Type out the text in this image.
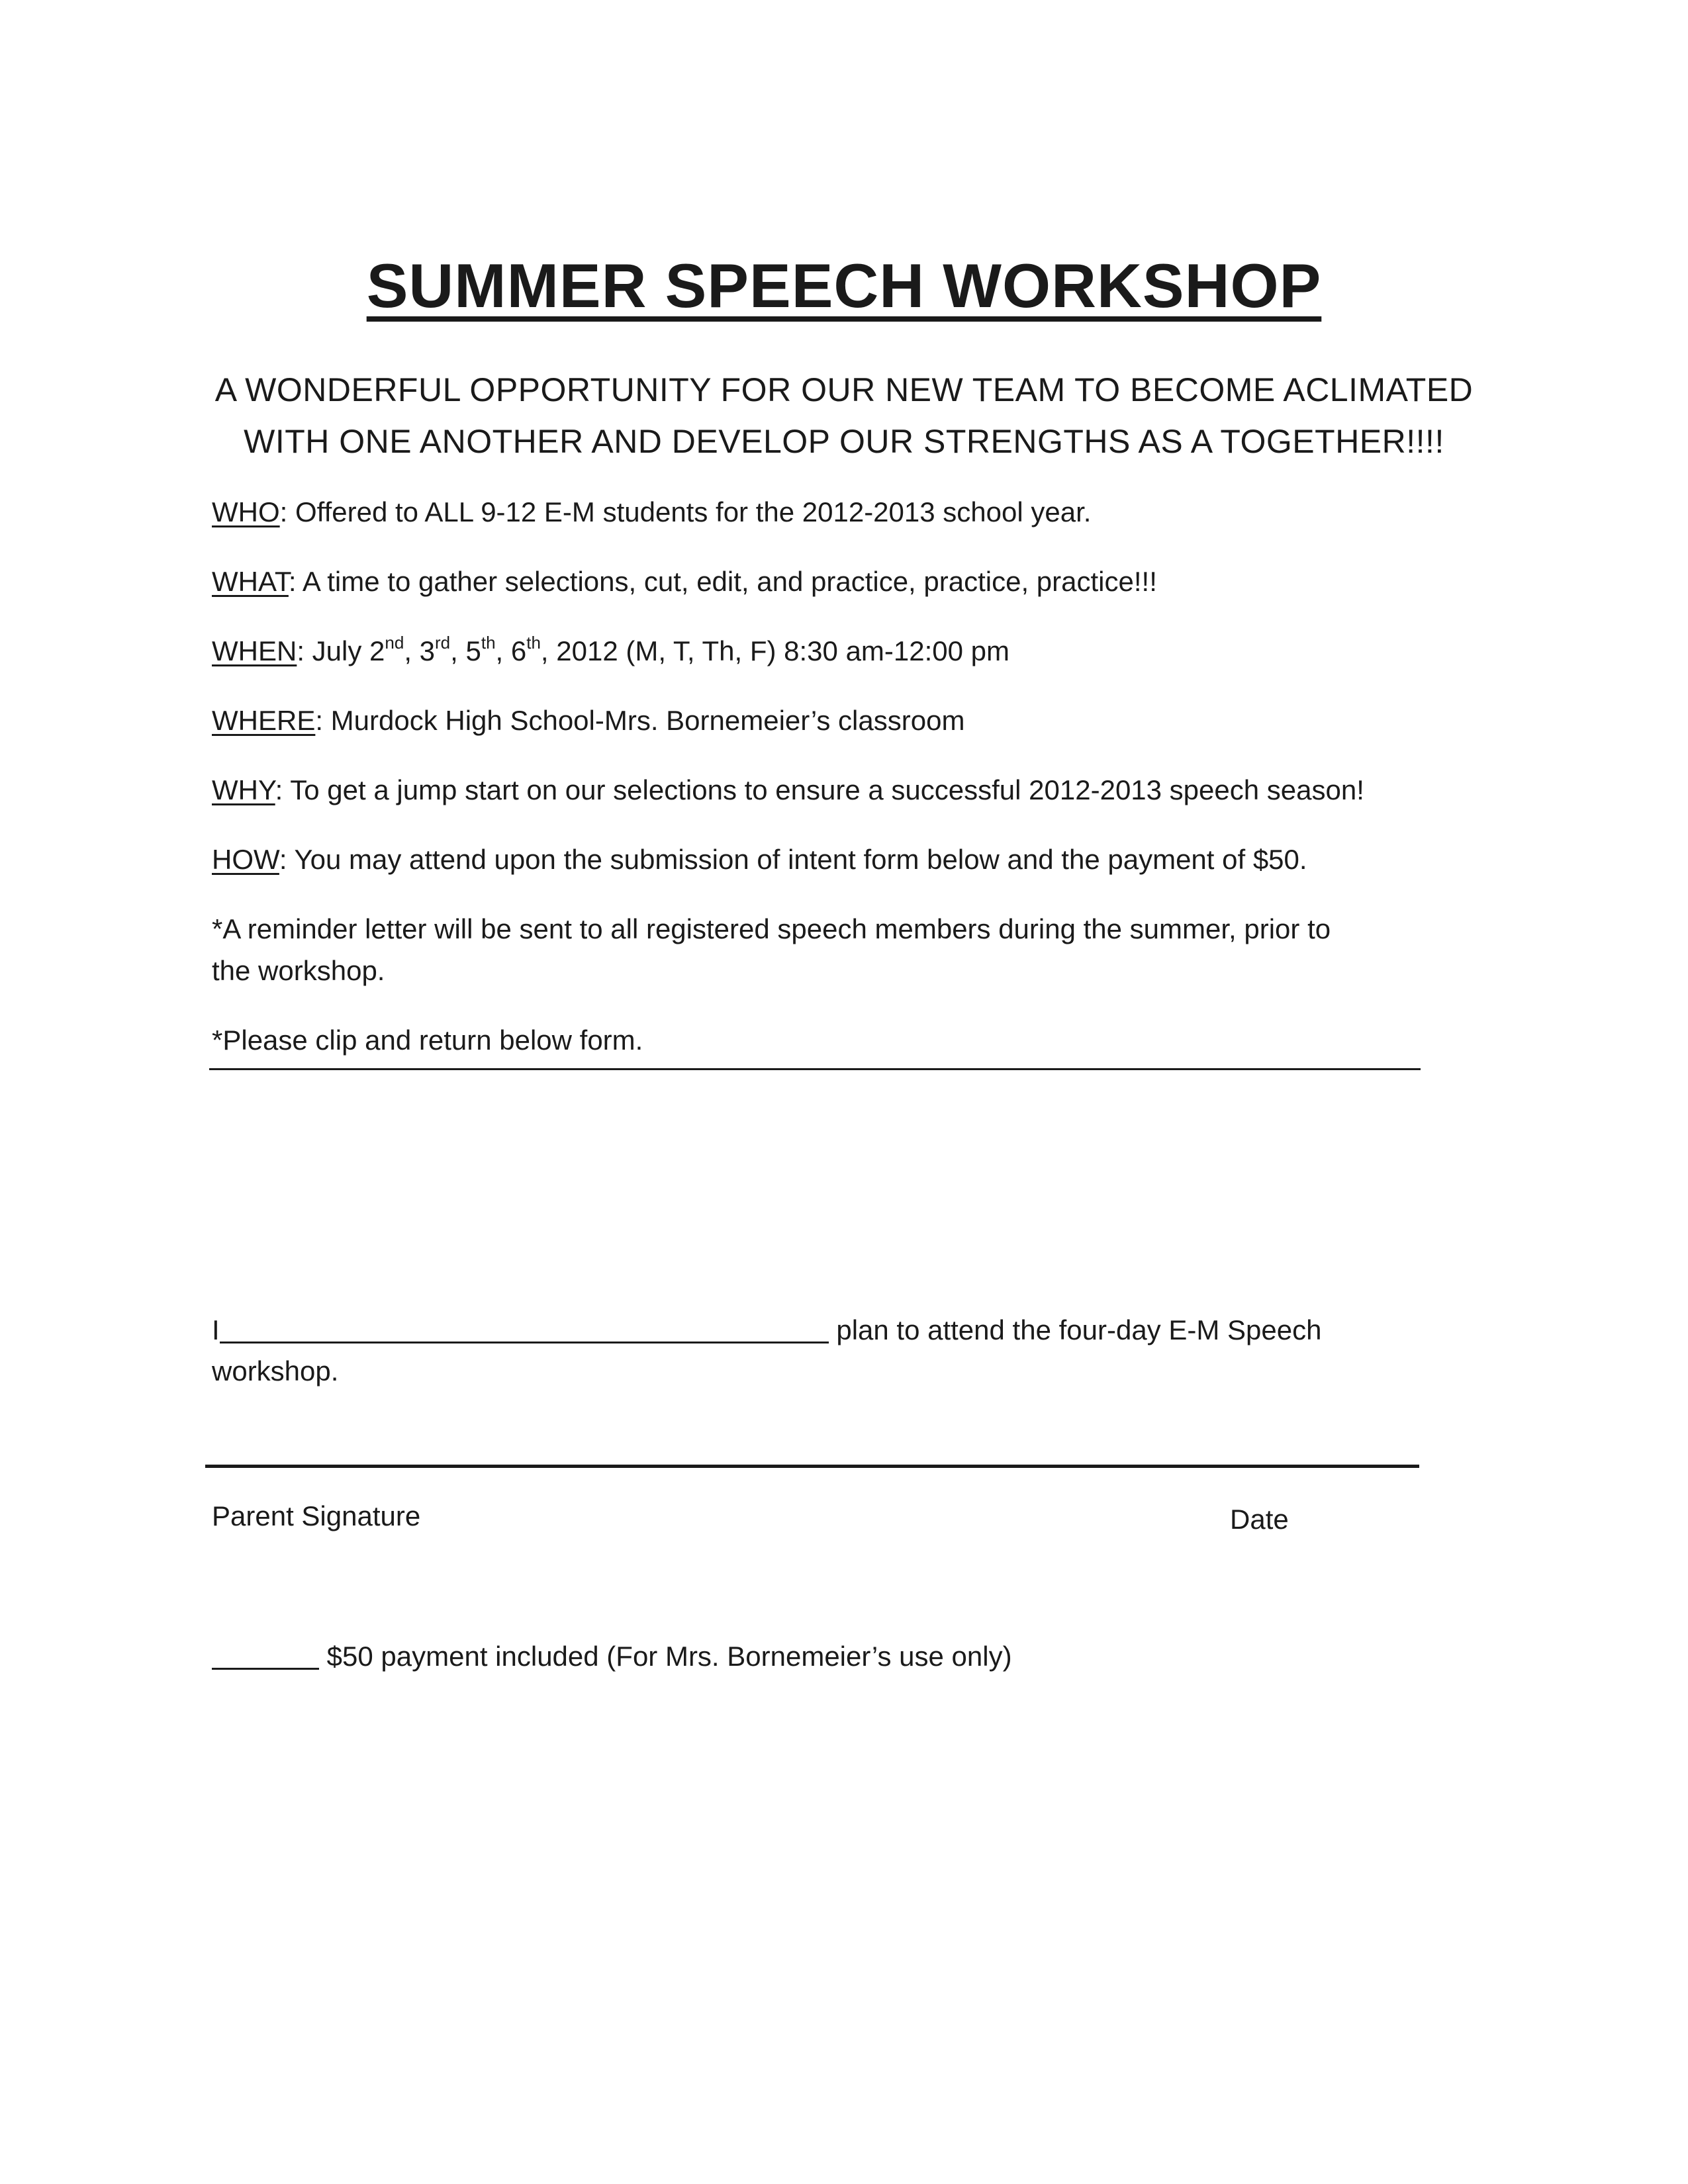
SUMMER SPEECH WORKSHOP
A WONDERFUL OPPORTUNITY FOR OUR NEW TEAM TO BECOME ACLIMATED
WITH ONE ANOTHER AND DEVELOP OUR STRENGTHS AS A TOGETHER!!!!
WHO: Offered to ALL 9-12 E-M students for the 2012-2013 school year.
WHAT: A time to gather selections, cut, edit, and practice, practice, practice!!!
WHEN: July 2nd, 3rd, 5th, 6th, 2012 (M, T, Th, F) 8:30 am-12:00 pm
WHERE: Murdock High School-Mrs. Bornemeier’s classroom
WHY: To get a jump start on our selections to ensure a successful 2012-2013 speech season!
HOW: You may attend upon the submission of intent form below and the payment of $50.
*A reminder letter will be sent to all registered speech members during the summer, prior to
the workshop.
*Please clip and return below form.
I	plan to attend the four-day E-M Speech
workshop.
Parent Signature	Date
$50 payment included (For Mrs. Bornemeier’s use only)
